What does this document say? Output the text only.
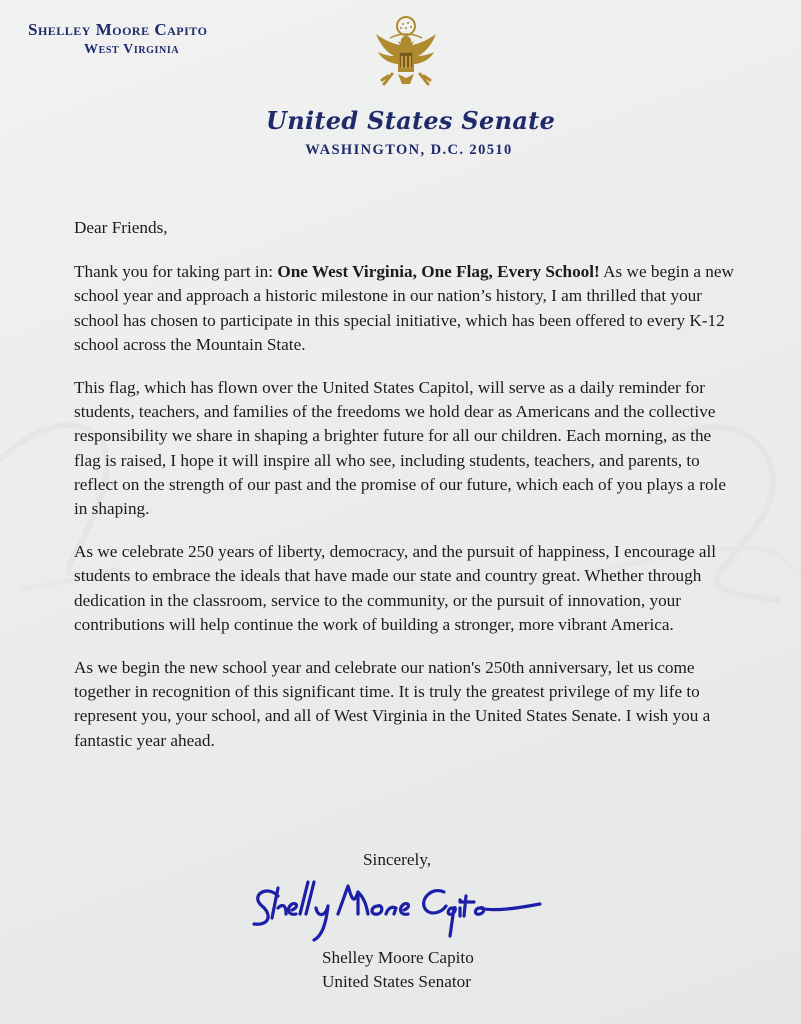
Shelley Moore Capito
West Virginia
United States Senate
WASHINGTON, D.C. 20510

Dear Friends,

Thank you for taking part in: One West Virginia, One Flag, Every School! As we begin a new school year and approach a historic milestone in our nation’s history, I am thrilled that your school has chosen to participate in this special initiative, which has been offered to every K-12 school across the Mountain State.

This flag, which has flown over the United States Capitol, will serve as a daily reminder for students, teachers, and families of the freedoms we hold dear as Americans and the collective responsibility we share in shaping a brighter future for all our children. Each morning, as the flag is raised, I hope it will inspire all who see, including students, teachers, and parents, to reflect on the strength of our past and the promise of our future, which each of you plays a role in shaping.

As we celebrate 250 years of liberty, democracy, and the pursuit of happiness, I encourage all students to embrace the ideals that have made our state and country great. Whether through dedication in the classroom, service to the community, or the pursuit of innovation, your contributions will help continue the work of building a stronger, more vibrant America.

As we begin the new school year and celebrate our nation's 250th anniversary, let us come together in recognition of this significant time. It is truly the greatest privilege of my life to represent you, your school, and all of West Virginia in the United States Senate. I wish you a fantastic year ahead.

Sincerely,
Shelley Moore Capito
United States Senator
